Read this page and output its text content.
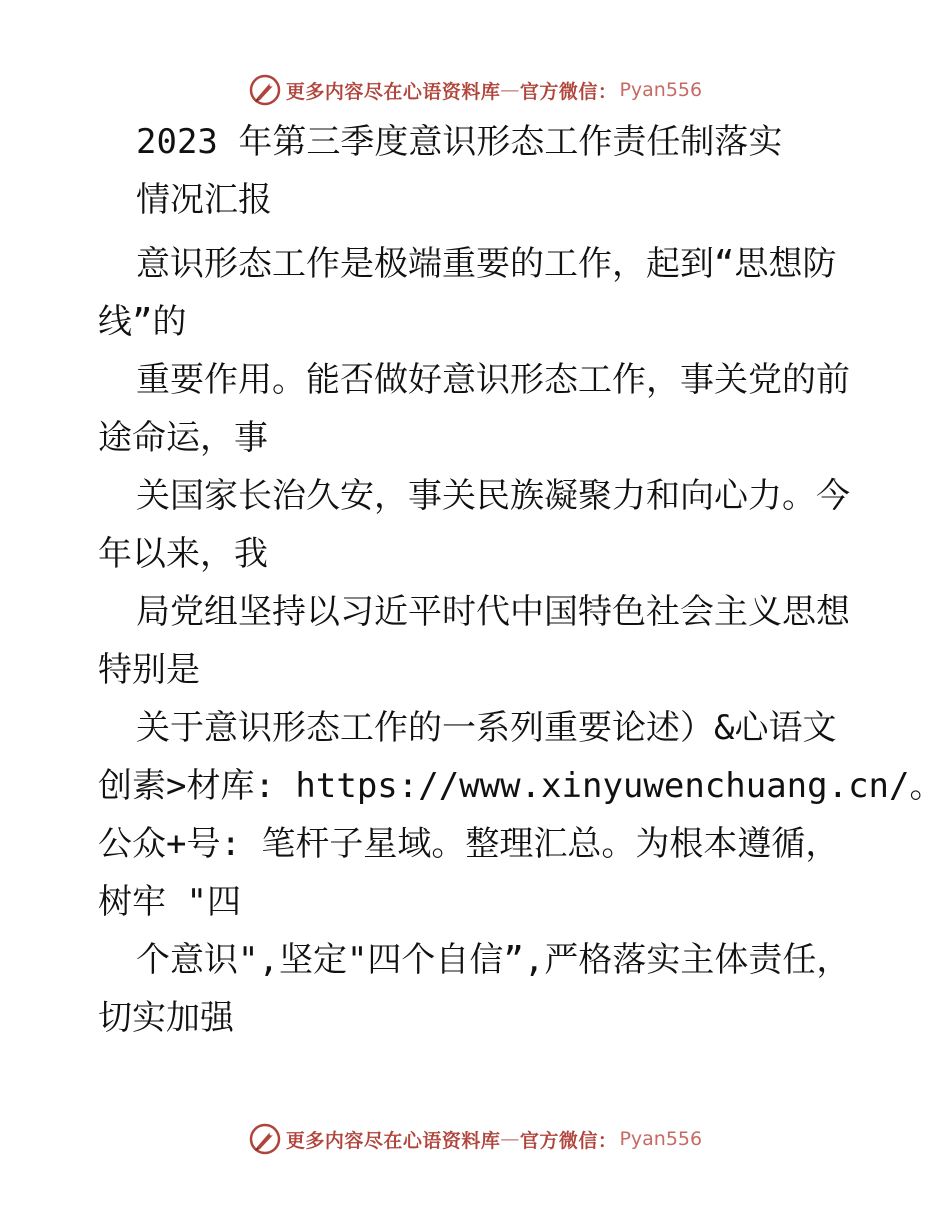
更多内容尽在心语资料库 — 官方微信： Pyan556
2023 年第三季度意识形态工作责任制落实
情况汇报
意识形态工作是极端重要的工作，起到“思想防
线”的
重要作用。能否做好意识形态工作，事关党的前
途命运，事
关国家长治久安，事关民族凝聚力和向心力。今
年以来，我
局党组坚持以习近平时代中国特色社会主义思想
特别是
关于意识形态工作的一系列重要论述）&心语文
创素>材库: https://www.xinyuwenchuang.cn/。
公众+号: 笔杆子星域。整理汇总。为根本遵循，
树牢 "四
个意识",坚定"四个自信”,严格落实主体责任，
切实加强
更多内容尽在心语资料库 — 官方微信： Pyan556
